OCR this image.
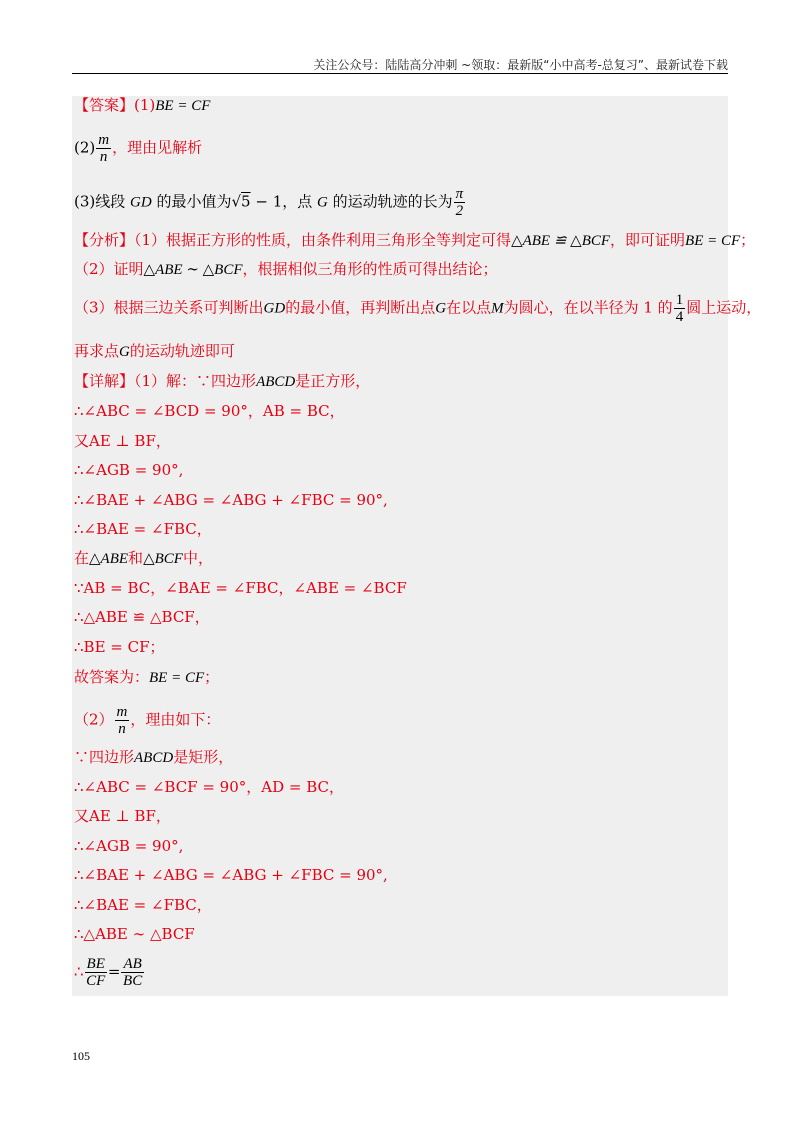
关注公众号：陆陆高分冲刺 ~领取：最新版“小中高考-总复习”、最新试卷下载
【答案】(1)BE = CF
$(2) \frac{m}{n}$ ，理由见解析
(3)线段 GD 的最小值为√5 − 1，点 G 的运动轨迹的长为 $\frac{\pi}{2}$
【分析】（1）根据正方形的性质，由条件利用三角形全等判定可得△ABE ≌ △BCF，即可证明BE = CF；
（2）证明△ABE ∼ △BCF，根据相似三角形的性质可得出结论；
（3）根据三边关系可判断出GD的最小值，再判断出点G在以点M为圆心，在以半径为 1 的 $\frac{1}{4}$ 圆上运动，
再求点G的运动轨迹即可
【详解】（1）解：∵四边形ABCD是正方形，
∴∠ABC = ∠BCD = 90°，AB = BC，
又AE ⊥ BF，
∴∠AGB = 90°,
∴∠BAE + ∠ABG = ∠ABG + ∠FBC = 90°,
∴∠BAE = ∠FBC，
在△ABE和△BCF中，
∵AB = BC，∠BAE = ∠FBC，∠ABE = ∠BCF
∴△ABE ≌ △BCF，
∴BE = CF；
故答案为：BE = CF；
$(2) \frac{m}{n}$ ，理由如下：
∵四边形ABCD是矩形，
∴∠ABC = ∠BCF = 90°，AD = BC，
又AE ⊥ BF，
∴∠AGB = 90°,
∴∠BAE + ∠ABG = ∠ABG + ∠FBC = 90°,
∴∠BAE = ∠FBC，
∴△ABE ∼ △BCF
∴ $\frac{BE}{CF} = \frac{AB}{BC}$
105
